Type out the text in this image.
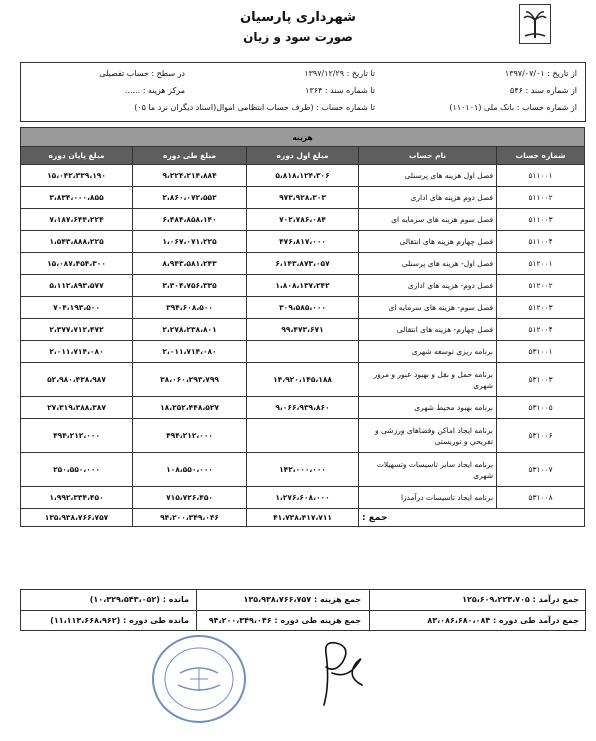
شهرداری پارسیان
صورت سود و زیان
از تاریخ : ۱۳۹۷/۰۷/۰۱
تا تاریخ : ۱۳۹۷/۱۲/۲۹
در سطح : حساب تفصیلی
از شماره سند : ۵۴۶
تا شماره سند : ۱۳۶۴
مرکز هزینه : ......
از شماره حساب : بانک ملی (۱۱۰۱۰۱)
تا شماره حساب : (طرف حساب انتظامی اموال(اسناد دیگران نزد ما ۰۵)
هزینه				
شماره حساب	نام حساب	مبلغ اول دوره	مبلغ طی دوره	مبلغ پایان دوره
۵۱۱۰۰۱	فصل اول هزینه های پرسنلی	۵،۸۱۸،۱۲۴،۳۰۶	۹،۲۲۴،۲۱۴،۸۸۴	۱۵،۰۴۲،۳۳۹،۱۹۰
۵۱۱۰۰۲	فصل دوم هزینه های اداری	۹۷۳،۹۲۸،۳۰۳	۲،۸۶۰،۰۷۲،۵۵۲	۳،۸۳۴،۰۰۰،۸۵۵
۵۱۱۰۰۳	فصل سوم هزینه های سرمایه ای	۷۰۲،۷۸۶،۰۸۴	۶،۴۸۴،۸۵۸،۱۴۰	۷،۱۸۷،۶۴۴،۲۲۴
۵۱۱۰۰۴	فصل چهارم هزینه های انتقالی	۴۷۶،۸۱۷،۰۰۰	۱،۰۶۷،۰۷۱،۲۲۵	۱،۵۴۳،۸۸۸،۲۲۵
۵۱۲۰۰۱	فصل اول- هزینه های پرسنلی	۶،۱۴۳،۸۷۳،۰۵۷	۸،۹۴۳،۵۸۱،۲۴۳	۱۵،۰۸۷،۴۵۴،۳۰۰
۵۱۲۰۰۲	فصل دوم- هزینه های اداری	۱،۸۰۸،۱۳۷،۲۴۲	۳،۳۰۴،۷۵۶،۳۳۵	۵،۱۱۲،۸۹۳،۵۷۷
۵۱۲۰۰۳	فصل سوم- هزینه های سرمایه ای	۳۰۹،۵۸۵،۰۰۰	۳۹۴،۶۰۸،۵۰۰	۷۰۴،۱۹۳،۵۰۰
۵۱۲۰۰۴	فصل چهارم- هزینه های انتقالی	۹۹،۴۷۳،۶۷۱	۲،۲۷۸،۲۳۸،۸۰۱	۲،۳۷۷،۷۱۲،۴۷۲
۵۳۱۰۰۱	برنامه ریزی توسعه شهری		۲،۰۱۱،۷۱۴،۰۸۰	۲،۰۱۱،۷۱۴،۰۸۰
۵۳۱۰۰۳	برنامه حمل و نقل و بهبود عبور و مرور شهری	۱۴،۹۲۰،۱۴۵،۱۸۸	۳۸،۰۶۰،۲۹۳،۷۹۹	۵۲،۹۸۰،۴۳۸،۹۸۷
۵۳۱۰۰۵	برنامه بهبود محیط شهری	۹،۰۶۶،۹۳۹،۸۶۰	۱۸،۲۵۲،۴۴۸،۵۲۷	۲۷،۳۱۹،۳۸۸،۳۸۷
۵۳۱۰۰۶	برنامه ایجاد اماکن وفضاهای ورزشی و تفریحی و توریستی		۴۹۴،۲۱۲،۰۰۰	۴۹۴،۲۱۲،۰۰۰
۵۳۱۰۰۷	برنامه ایجاد سایر تاسیسات وتسهیلات شهری	۱۴۲،۰۰۰،۰۰۰	۱۰۸،۵۵۰،۰۰۰	۲۵۰،۵۵۰،۰۰۰
۵۳۱۰۰۸	برنامه ایجاد تاسیسات درآمدزا	۱،۲۷۶،۶۰۸،۰۰۰	۷۱۵،۷۲۶،۴۵۰	۱،۹۹۲،۳۳۴،۴۵۰
جمع :		۴۱،۷۳۸،۴۱۷،۷۱۱	۹۴،۲۰۰،۳۴۹،۰۴۶	۱۳۵،۹۳۸،۷۶۶،۷۵۷
جمع درآمد : ۱۲۵،۶۰۹،۲۲۳،۷۰۵
جمع هزینه : ۱۳۵،۹۳۸،۷۶۶،۷۵۷
مانده : (۱۰،۳۲۹،۵۴۳،۰۵۲)
جمع درآمد طی دوره : ۸۳،۰۸۶،۶۸۰،۰۸۴
جمع هزینه طی دوره : ۹۴،۲۰۰،۳۴۹،۰۴۶
مانده طی دوره : (۱۱،۱۱۳،۶۶۸،۹۶۲)
